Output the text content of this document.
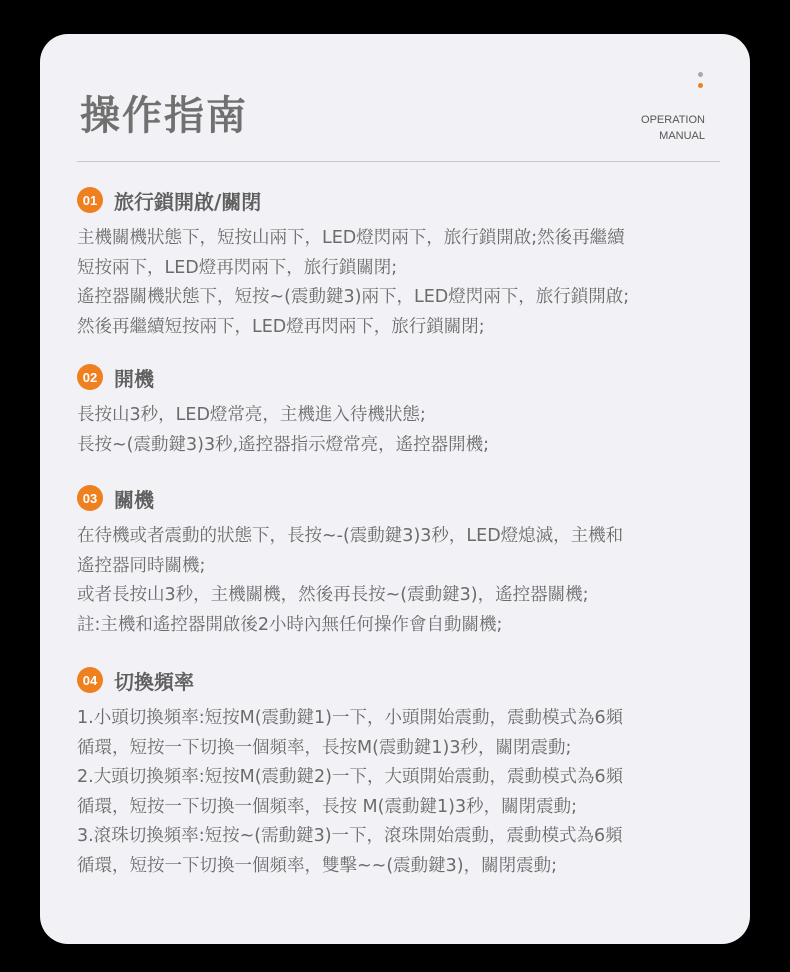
操作指南	OPERATION
MANUAL
01 旅行鎖開啟/關閉
主機關機狀態下，短按山兩下，LED燈閃兩下，旅行鎖開啟;然後再繼續
短按兩下，LED燈再閃兩下，旅行鎖關閉;
遙控器關機狀態下，短按~(震動鍵3)兩下，LED燈閃兩下，旅行鎖開啟;
然後再繼續短按兩下，LED燈再閃兩下，旅行鎖關閉;
02 開機
長按山3秒，LED燈常亮，主機進入待機狀態;
長按~(震動鍵3)3秒,遙控器指示燈常亮，遙控器開機;
03 關機
在待機或者震動的狀態下，長按~-(震動鍵3)3秒，LED燈熄滅，主機和
遙控器同時關機;
或者長按山3秒，主機關機，然後再長按~(震動鍵3)，遙控器關機;
註:主機和遙控器開啟後2小時內無任何操作會自動關機;
04 切換頻率
1.小頭切換頻率:短按M(震動鍵1)一下，小頭開始震動，震動模式為6頻
循環，短按一下切換一個頻率，長按M(震動鍵1)3秒，關閉震動;
2.大頭切換頻率:短按M(震動鍵2)一下，大頭開始震動，震動模式為6頻
循環，短按一下切換一個頻率，長按 M(震動鍵1)3秒，關閉震動;
3.滾珠切換頻率:短按~(需動鍵3)一下，滾珠開始震動，震動模式為6頻
循環，短按一下切換一個頻率，雙擊~~(震動鍵3)，關閉震動;
